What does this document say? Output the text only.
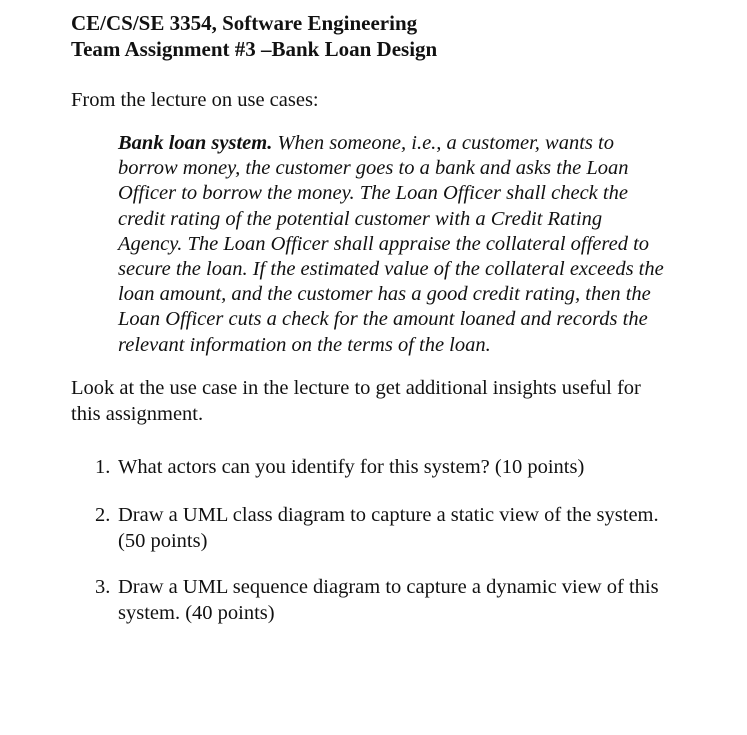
CE/CS/SE 3354, Software Engineering
Team Assignment #3 –Bank Loan Design
From the lecture on use cases:
Bank loan system. When someone, i.e., a customer, wants to
borrow money, the customer goes to a bank and asks the Loan
Officer to borrow the money. The Loan Officer shall check the
credit rating of the potential customer with a Credit Rating
Agency. The Loan Officer shall appraise the collateral offered to
secure the loan. If the estimated value of the collateral exceeds the
loan amount, and the customer has a good credit rating, then the
Loan Officer cuts a check for the amount loaned and records the
relevant information on the terms of the loan.
Look at the use case in the lecture to get additional insights useful for
this assignment.
1. What actors can you identify for this system? (10 points)
2. Draw a UML class diagram to capture a static view of the system.
(50 points)
3. Draw a UML sequence diagram to capture a dynamic view of this
system. (40 points)
